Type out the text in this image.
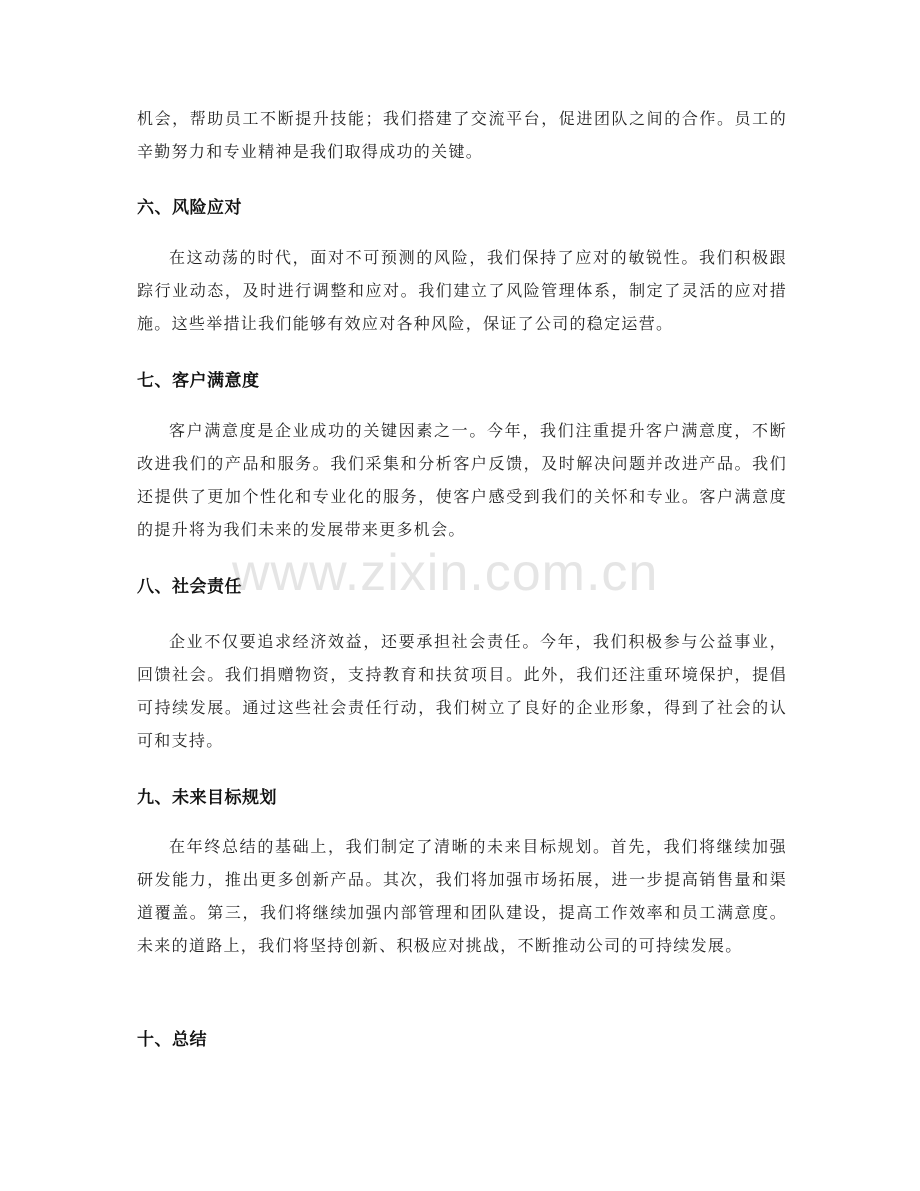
机会，帮助员工不断提升技能；我们搭建了交流平台，促进团队之间的合作。员工的辛勤努力和专业精神是我们取得成功的关键。

六、风险应对

在这动荡的时代，面对不可预测的风险，我们保持了应对的敏锐性。我们积极跟踪行业动态，及时进行调整和应对。我们建立了风险管理体系，制定了灵活的应对措施。这些举措让我们能够有效应对各种风险，保证了公司的稳定运营。

七、客户满意度

客户满意度是企业成功的关键因素之一。今年，我们注重提升客户满意度，不断改进我们的产品和服务。我们采集和分析客户反馈，及时解决问题并改进产品。我们还提供了更加个性化和专业化的服务，使客户感受到我们的关怀和专业。客户满意度的提升将为我们未来的发展带来更多机会。

八、社会责任

企业不仅要追求经济效益，还要承担社会责任。今年，我们积极参与公益事业，回馈社会。我们捐赠物资，支持教育和扶贫项目。此外，我们还注重环境保护，提倡可持续发展。通过这些社会责任行动，我们树立了良好的企业形象，得到了社会的认可和支持。

九、未来目标规划

在年终总结的基础上，我们制定了清晰的未来目标规划。首先，我们将继续加强研发能力，推出更多创新产品。其次，我们将加强市场拓展，进一步提高销售量和渠道覆盖。第三，我们将继续加强内部管理和团队建设，提高工作效率和员工满意度。未来的道路上，我们将坚持创新、积极应对挑战，不断推动公司的可持续发展。

十、总结
www.zixin.com.cn
